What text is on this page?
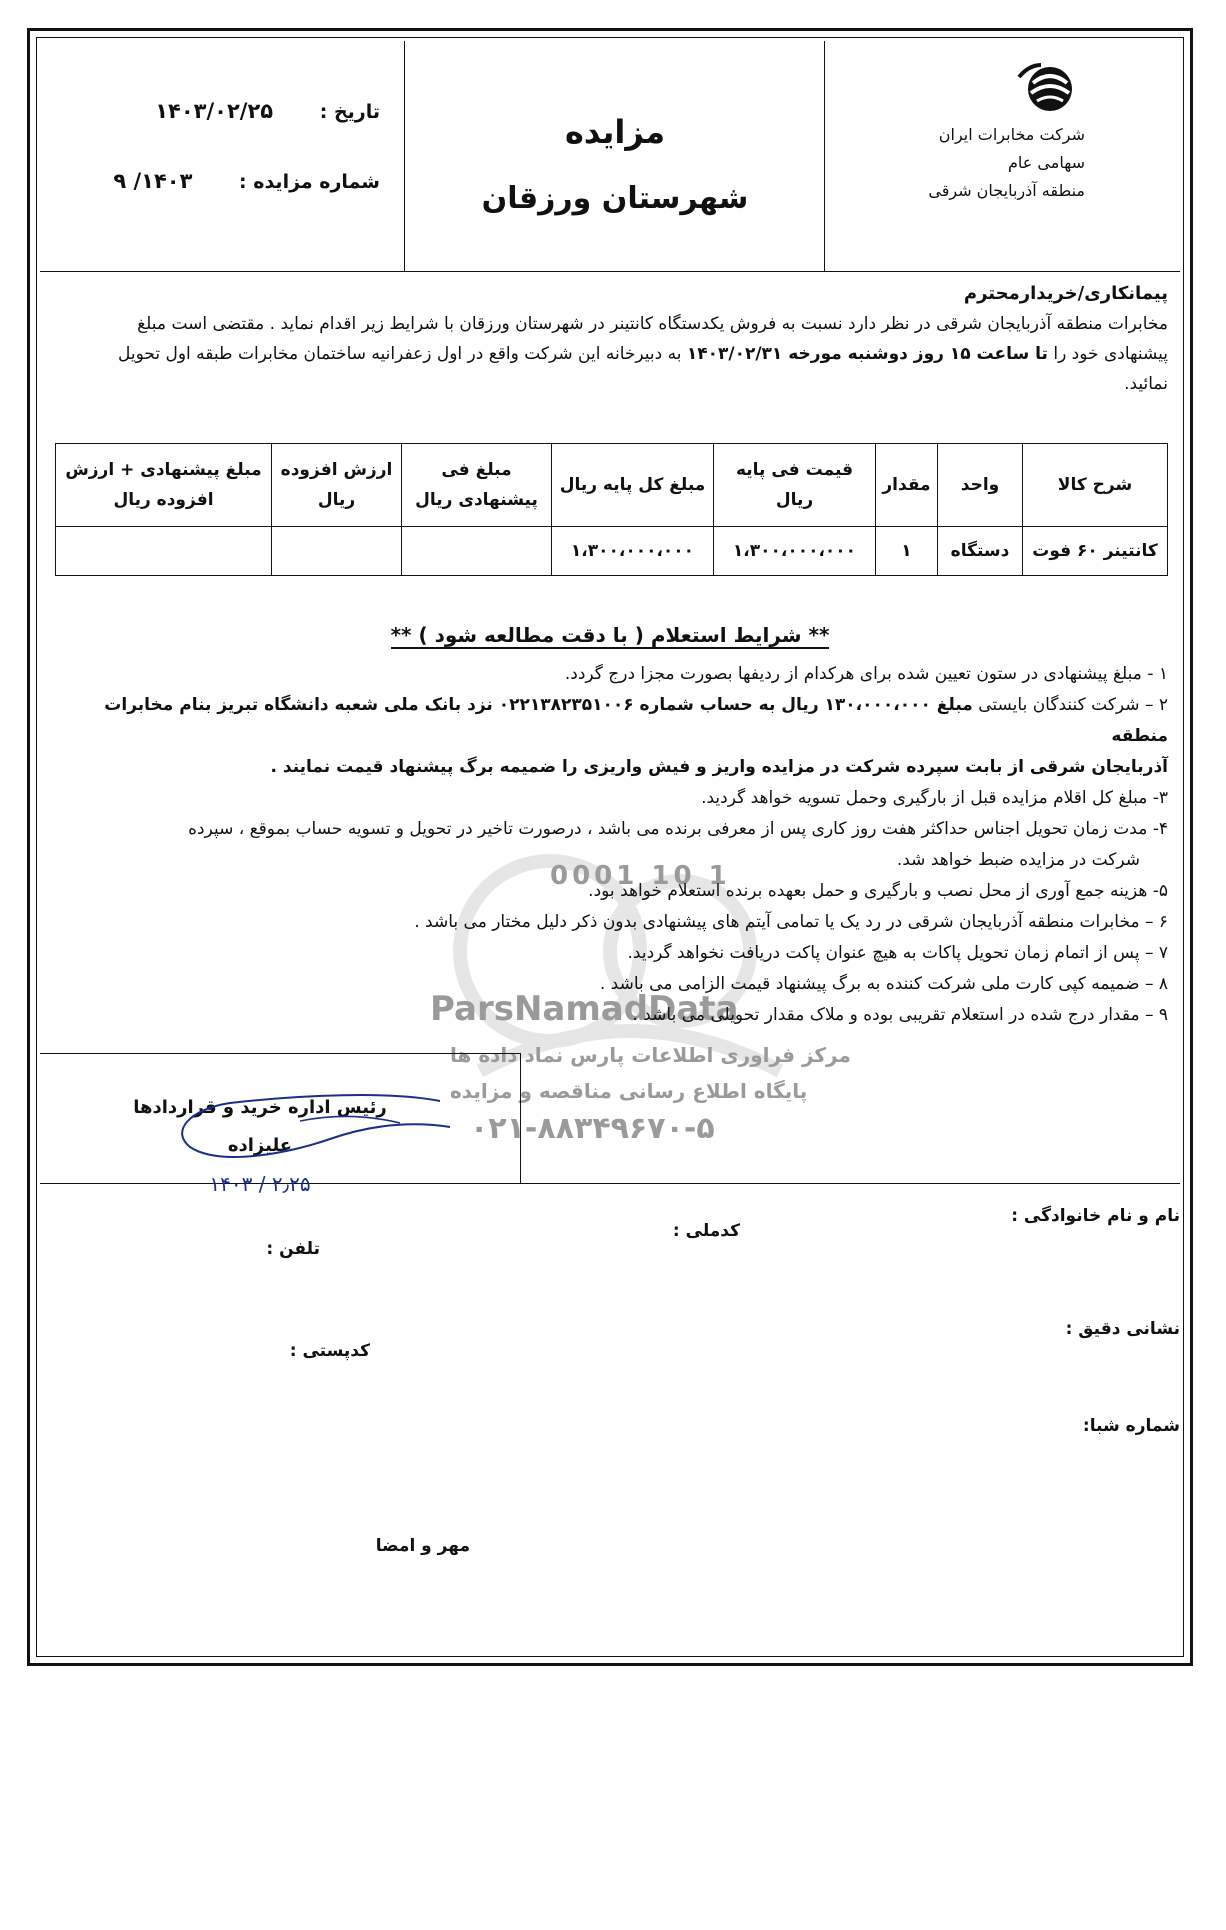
0001 10 1
ParsNamadData
مرکز فراوری اطلاعات پارس نماد داده ها
پایگاه اطلاع رسانی مناقصه و مزایده
۰۲۱-۸۸۳۴۹۶۷۰-۵
شرکت مخابرات ایران
سهامی عام
منطقه آذربایجان شرقی
مزایده
شهرستان ورزقان
تاریخ : ۱۴۰۳/۰۲/۲۵
شماره مزایده : ۱۴۰۳/ ۹
پیمانکاری/خریدارمحترم
مخابرات منطقه آذربایجان شرقی در نظر دارد نسبت به فروش یکدستگاه کانتینر در شهرستان ورزقان با شرایط زیر اقدام نماید . مقتضی است مبلغ
پیشنهادی خود را تا ساعت ۱۵ روز دوشنبه مورخه ۱۴۰۳/۰۲/۳۱ به دبیرخانه این شرکت واقع در اول زعفرانیه ساختمان مخابرات طبقه اول تحویل
نمائید.
شرح کالا	واحد	مقدار	قیمت فی پایه ریال	مبلغ کل پایه ریال	مبلغ فی پیشنهادی ریال	ارزش افزوده ریال	مبلغ پیشنهادی + ارزش افزوده ریال
کانتینر ۶۰ فوت	دستگاه	۱	۱،۳۰۰،۰۰۰،۰۰۰	۱،۳۰۰،۰۰۰،۰۰۰			
** شرایط استعلام ( با دقت مطالعه شود ) **
۱ - مبلغ پیشنهادی در ستون تعیین شده برای هرکدام از ردیفها بصورت مجزا درج گردد.
۲ – شرکت کنندگان بایستی مبلغ ۱۳۰،۰۰۰،۰۰۰ ریال به حساب شماره ۰۲۲۱۳۸۲۳۵۱۰۰۶ نزد بانک ملی شعبه دانشگاه تبریز بنام مخابرات منطقه
آذربایجان شرقی از بابت سپرده شرکت در مزایده واریز و فیش واریزی را ضمیمه برگ پیشنهاد قیمت نمایند .
۳- مبلغ کل اقلام مزایده قبل از بارگیری وحمل تسویه خواهد گردید.
۴- مدت زمان تحویل اجناس حداکثر هفت روز کاری پس از معرفی برنده می باشد ، درصورت تاخیر در تحویل و تسویه حساب بموقع ، سپرده
شرکت در مزایده ضبط خواهد شد.
۵- هزینه جمع آوری از محل نصب و بارگیری و حمل بعهده برنده استعلام خواهد بود.
۶ – مخابرات منطقه آذربایجان شرقی در رد یک یا تمامی آیتم های پیشنهادی بدون ذکر دلیل مختار می باشد .
۷ – پس از اتمام زمان تحویل پاکات به هیچ عنوان پاکت دریافت نخواهد گردید.
۸ – ضمیمه کپی کارت ملی شرکت کننده به برگ پیشنهاد قیمت الزامی می باشد .
۹ – مقدار درج شده در استعلام تقریبی بوده و ملاک مقدار تحویلی می باشد .
رئیس اداره خرید و قراردادها
علیزاده
۲٫۲۵ / ۱۴۰۳
نام و نام خانوادگی :
کدملی :
تلفن :
نشانی دقیق :
کدپستی :
شماره شبا:
مهر و امضا
